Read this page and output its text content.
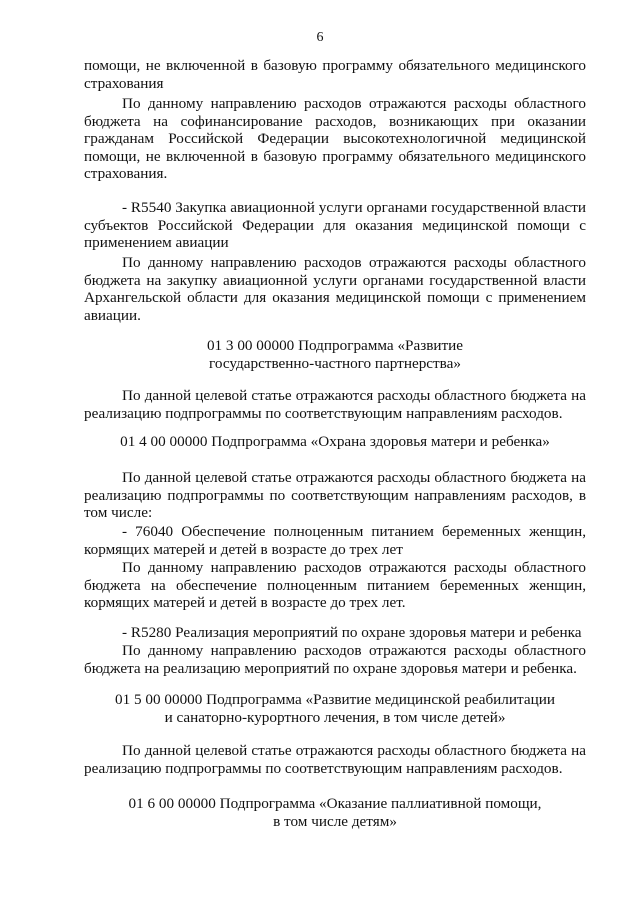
6

помощи, не включенной в базовую программу обязательного медицинского страхования

По данному направлению расходов отражаются расходы областного бюджета на софинансирование расходов, возникающих при оказании гражданам Российской Федерации высокотехнологичной медицинской помощи, не включенной в базовую программу обязательного медицинского страхования.

- R5540 Закупка авиационной услуги органами государственной власти субъектов Российской Федерации для оказания медицинской помощи с применением авиации

По данному направлению расходов отражаются расходы областного бюджета на закупку авиационной услуги органами государственной власти Архангельской области для оказания медицинской помощи с применением авиации.

01 3 00 00000 Подпрограмма «Развитие

государственно-частного партнерства»

По данной целевой статье отражаются расходы областного бюджета на реализацию подпрограммы по соответствующим направлениям расходов.

01 4 00 00000 Подпрограмма «Охрана здоровья матери и ребенка»

По данной целевой статье отражаются расходы областного бюджета на реализацию подпрограммы по соответствующим направлениям расходов, в том числе:

- 76040 Обеспечение полноценным питанием беременных женщин, кормящих матерей и детей в возрасте до трех лет

По данному направлению расходов отражаются расходы областного бюджета на обеспечение полноценным питанием беременных женщин, кормящих матерей и детей в возрасте до трех лет.

- R5280 Реализация мероприятий по охране здоровья матери и ребенка

По данному направлению расходов отражаются расходы областного бюджета на реализацию мероприятий по охране здоровья матери и ребенка.

01 5 00 00000 Подпрограмма «Развитие медицинской реабилитации

и санаторно-курортного лечения, в том числе детей»

По данной целевой статье отражаются расходы областного бюджета на реализацию подпрограммы по соответствующим направлениям расходов.

01 6 00 00000 Подпрограмма «Оказание паллиативной помощи,

в том числе детям»
